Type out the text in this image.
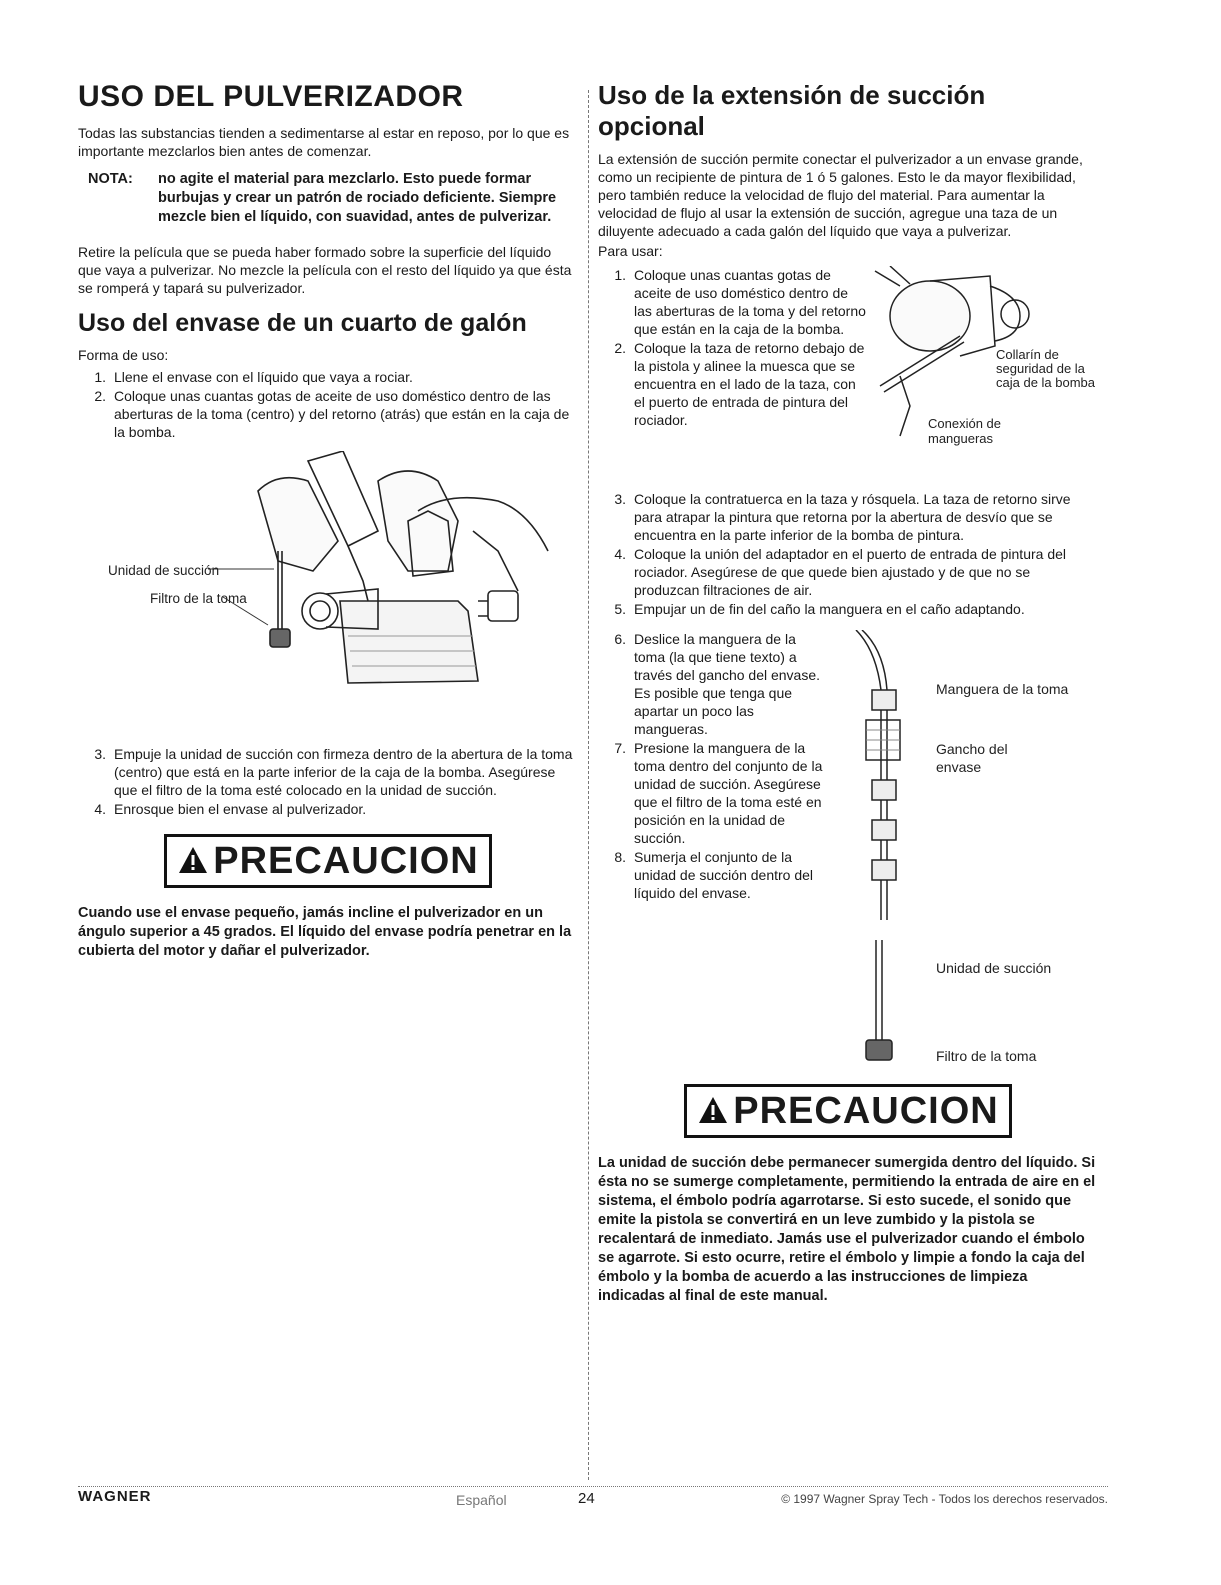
USO DEL PULVERIZADOR

Todas las substancias tienden a sedimentarse al estar en reposo, por lo que es importante mezclarlos bien antes de comenzar.

NOTA:	no agite el material para mezclarlo. Esto puede formar burbujas y crear un patrón de rociado deficiente. Siempre mezcle bien el líquido, con suavidad, antes de pulverizar.

Retire la película que se pueda haber formado sobre la superficie del líquido que vaya a pulverizar. No mezcle la película con el resto del líquido ya que ésta se romperá y tapará su pulverizador.

Uso del envase de un cuarto de galón

Forma de uso:

1. Llene el envase con el líquido que vaya a rociar.
2. Coloque unas cuantas gotas de aceite de uso doméstico dentro de las aberturas de la toma (centro) y del retorno (atrás) que están en la caja de la bomba.
Unidad de succión
Filtro de la toma
3. Empuje la unidad de succión con firmeza dentro de la abertura de la toma (centro) que está en la parte inferior de la caja de la bomba. Asegúrese que el filtro de la toma esté colocado en la unidad de succión.
4. Enrosque bien el envase al pulverizador.
PRECAUCION

Cuando use el envase pequeño, jamás incline el pulverizador en un ángulo superior a 45 grados. El líquido del envase podría penetrar en la cubierta del motor y dañar el pulverizador.

Uso de la extensión de succión opcional

La extensión de succión permite conectar el pulverizador a un envase grande, como un recipiente de pintura de 1 ó 5 galones. Esto le da mayor flexibilidad, pero también reduce la velocidad de flujo del material. Para aumentar la velocidad de flujo al usar la extensión de succión, agregue una taza de un diluyente adecuado a cada galón del líquido que vaya a pulverizar.

Para usar:

1. Coloque unas cuantas gotas de aceite de uso doméstico dentro de las aberturas de la toma y del retorno que están en la caja de la bomba.
2. Coloque la taza de retorno debajo de la pistola y alinee la muesca que se encuentra en el lado de la taza, con el puerto de entrada de pintura del rociador.
Collarín de seguridad de la caja de la bomba
Conexión de mangueras
3. Coloque la contratuerca en la taza y rósquela. La taza de retorno sirve para atrapar la pintura que retorna por la abertura de desvío que se encuentra en la parte inferior de la bomba de pintura.
4. Coloque la unión del adaptador en el puerto de entrada de pintura del rociador. Asegúrese de que quede bien ajustado y de que no se produzcan filtraciones de air.
5. Empujar un de fin del caño la manguera en el caño adaptando.
6. Deslice la manguera de la toma (la que tiene texto) a través del gancho del envase. Es posible que tenga que apartar un poco las mangueras.
7. Presione la manguera de la toma dentro del conjunto de la unidad de succión. Asegúrese que el filtro de la toma esté en posición en la unidad de succión.
8. Sumerja el conjunto de la unidad de succión dentro del líquido del envase.
Manguera de la toma
Gancho del envase
Unidad de succión
Filtro de la toma
PRECAUCION

La unidad de succión debe permanecer sumergida dentro del líquido. Si ésta no se sumerge completamente, permitiendo la entrada de aire en el sistema, el émbolo podría agarrotarse. Si esto sucede, el sonido que emite la pistola se convertirá en un leve zumbido y la pistola se recalentará de inmediato. Jamás use el pulverizador cuando el émbolo se agarrote. Si esto ocurre, retire el émbolo y limpie a fondo la caja del émbolo y la bomba de acuerdo a las instrucciones de limpieza indicadas al final de este manual.

WAGNER	Español	24	© 1997 Wagner Spray Tech - Todos los derechos reservados.
